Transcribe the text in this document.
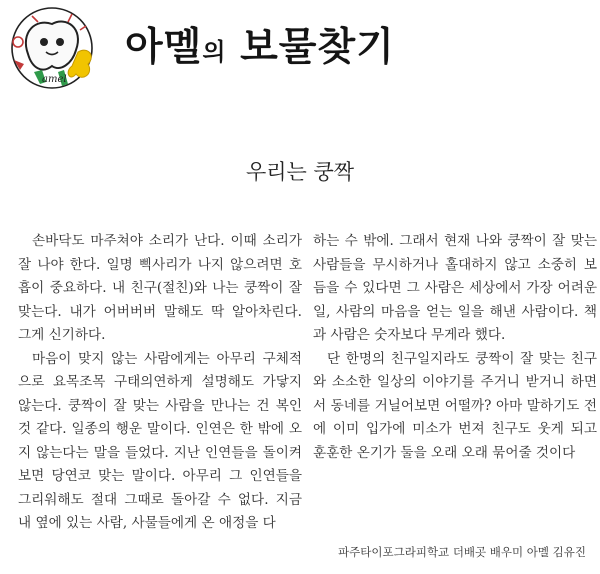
amel
아멜의 보물찾기
우리는 쿵짝

손바닥도 마주쳐야 소리가 난다. 이때 소리가 잘 나야 한다. 일명 삑사리가 나지 않으려면 호흡이 중요하다. 내 친구(절친)와 나는 쿵짝이 잘 맞는다. 내가 어버버버 말해도 딱 알아차린다. 그게 신기하다.

마음이 맞지 않는 사람에게는 아무리 구체적으로 요목조목 구태의연하게 설명해도 가닿지 않는다. 쿵짝이 잘 맞는 사람을 만나는 건 복인 것 같다. 일종의 행운 말이다. 인연은 한 밖에 오지 않는다는 말을 들었다. 지난 인연들을 돌이켜 보면 당연코 맞는 말이다. 아무리 그 인연들을 그리워해도 절대 그때로 돌아갈 수 없다. 지금 내 옆에 있는 사람, 사물들에게 온 애정을 다

하는 수 밖에. 그래서 현재 나와 쿵짝이 잘 맞는 사람들을 무시하거나 홀대하지 않고 소중히 보듬을 수 있다면 그 사람은 세상에서 가장 어려운 일, 사람의 마음을 얻는 일을 해낸 사람이다. 책과 사람은 숫자보다 무게라 했다.

단 한명의 친구일지라도 쿵짝이 잘 맞는 친구와 소소한 일상의 이야기를 주거니 받거니 하면서 동네를 거닐어보면 어떨까? 아마 말하기도 전에 이미 입가에 미소가 번져 친구도 웃게 되고 훈훈한 온기가 둘을 오래 오래 묶어줄 것이다

파주타이포그라피학교 더배곳 배우미 아멜 김유진
